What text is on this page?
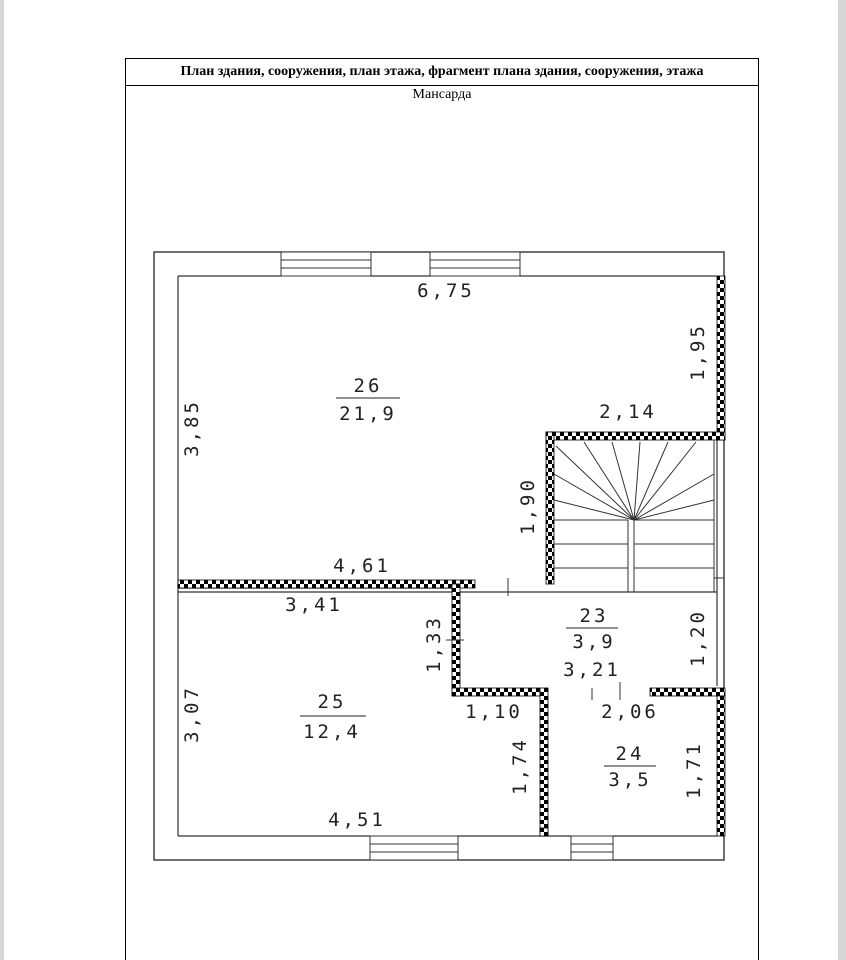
План здания, сооружения, план этажа, фрагмент плана здания, сооружения, этажа
Мансарда
26
21,9
25
12,4
23
3,9
24
3,5
6,75
2,14
4,61
3,41
3,21
1,10	2,06
4,51
1,95
3,85
1,90
1,33	1,20
3,07
1,74	1,71
